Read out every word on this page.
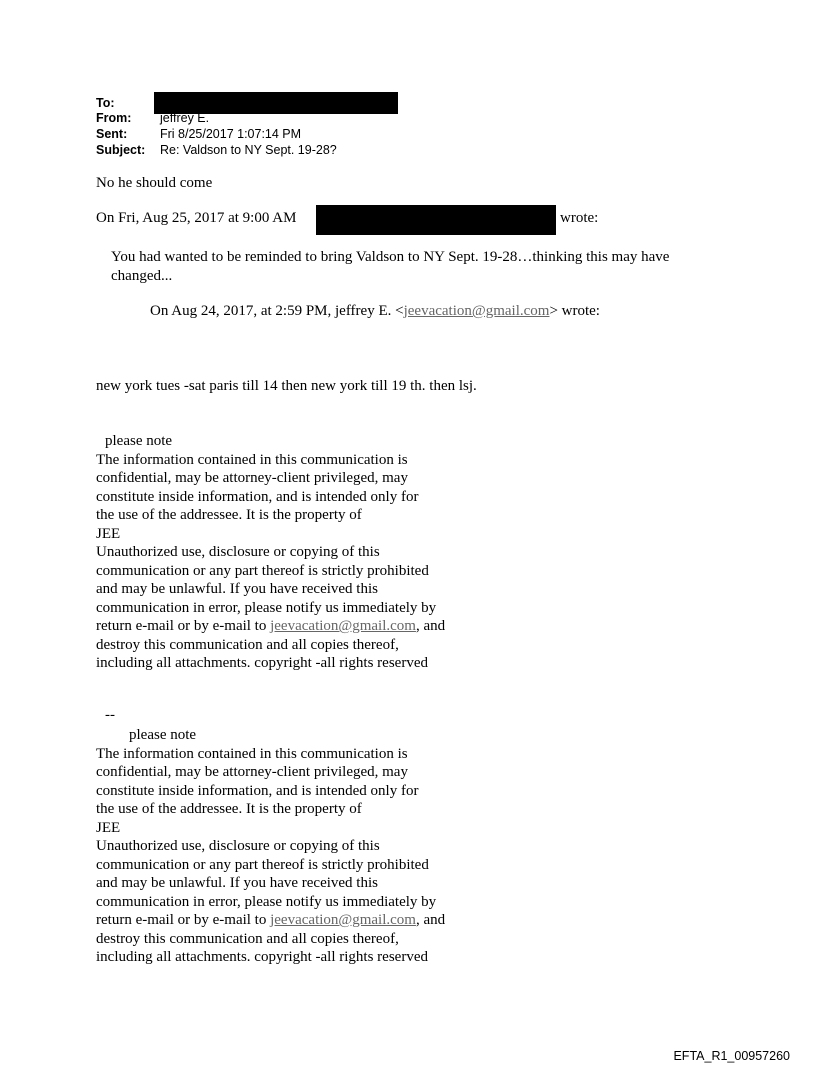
To:
From: jeffrey E.
Sent:	Fri 8/25/2017 1:07:14 PM
Subject: Re: Valdson to NY Sept. 19-28?
No he should come
On Fri, Aug 25, 2017 at 9:00 AM	wrote:
You had wanted to be reminded to bring Valdson to NY Sept. 19-28…thinking this may have
changed...
On Aug 24, 2017, at 2:59 PM, jeffrey E. <jeevacation@gmail.com> wrote:
new york tues -sat paris till 14 then new york till 19 th. then lsj.
please note
The information contained in this communication is
confidential, may be attorney-client privileged, may
constitute inside information, and is intended only for
the use of the addressee. It is the property of
JEE
Unauthorized use, disclosure or copying of this
communication or any part thereof is strictly prohibited
and may be unlawful. If you have received this
communication in error, please notify us immediately by
return e-mail or by e-mail to jeevacation@gmail.com, and
destroy this communication and all copies thereof,
including all attachments. copyright -all rights reserved
--
please note
The information contained in this communication is
confidential, may be attorney-client privileged, may
constitute inside information, and is intended only for
the use of the addressee. It is the property of
JEE
Unauthorized use, disclosure or copying of this
communication or any part thereof is strictly prohibited
and may be unlawful. If you have received this
communication in error, please notify us immediately by
return e-mail or by e-mail to jeevacation@gmail.com, and
destroy this communication and all copies thereof,
including all attachments. copyright -all rights reserved
EFTA_R1_00957260
